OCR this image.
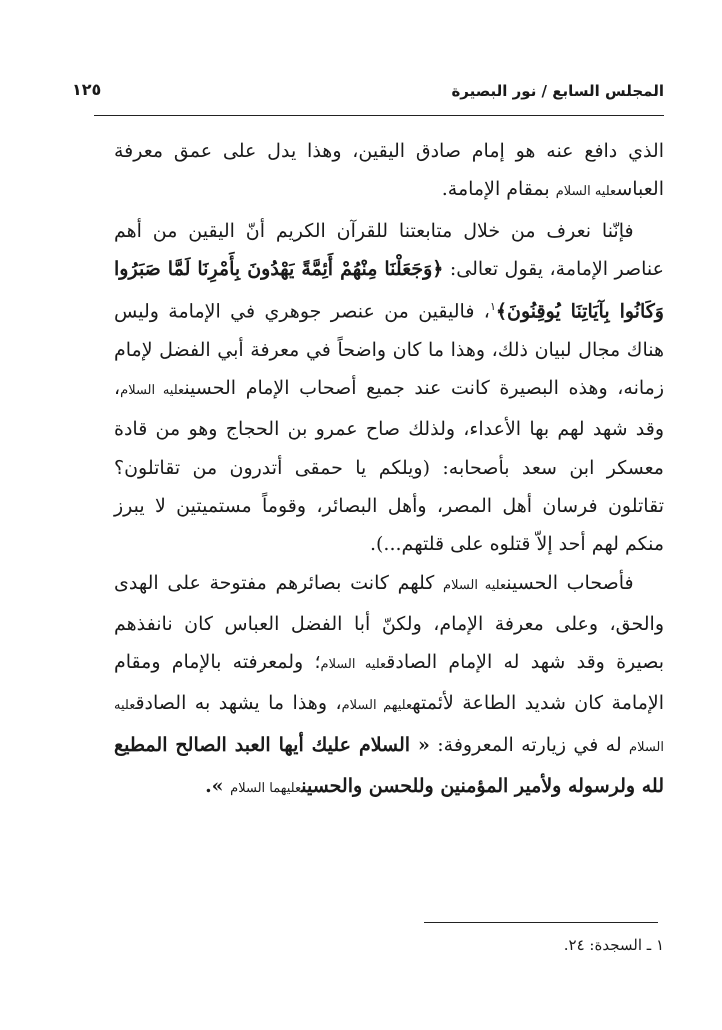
المجلس السابع / نور البصيرة
١٢٥

الذي دافع عنه هو إمام صادق اليقين، وهذا يدل على عمق معرفة العباسعليه السلام بمقام الإمامة.

فإنّنا نعرف من خلال متابعتنا للقرآن الكريم أنّ اليقين من أهم عناصر الإمامة، يقول تعالى: ﴿وَجَعَلْنَا مِنْهُمْ أَئِمَّةً يَهْدُونَ بِأَمْرِنَا لَمَّا صَبَرُوا وَكَانُوا بِآيَاتِنَا يُوقِنُونَ﴾$^١$، فاليقين من عنصر جوهري في الإمامة وليس هناك مجال لبيان ذلك، وهذا ما كان واضحاً في معرفة أبي الفضل لإمام زمانه، وهذه البصيرة كانت عند جميع أصحاب الإمام الحسينعليه السلام، وقد شهد لهم بها الأعداء، ولذلك صاح عمرو بن الحجاج وهو من قادة معسكر ابن سعد بأصحابه: (ويلكم يا حمقى أتدرون من تقاتلون؟ تقاتلون فرسان أهل المصر، وأهل البصائر، وقوماً مستميتين لا يبرز منكم لهم أحد إلاّ قتلوه على قلتهم...).

فأصحاب الحسينعليه السلام كلهم كانت بصائرهم مفتوحة على الهدى والحق، وعلى معرفة الإمام، ولكنّ أبا الفضل العباس كان نانفذهم بصيرة وقد شهد له الإمام الصادقعليه السلام؛ ولمعرفته بالإمام ومقام الإمامة كان شديد الطاعة لأئمتهعليهم السلام، وهذا ما يشهد به الصادقعليه السلام له في زيارته المعروفة: « السلام عليك أيها العبد الصالح المطيع لله ولرسوله ولأمير المؤمنين وللحسن والحسينعليهما السلام ».

١ ـ السجدة: ٢٤.
